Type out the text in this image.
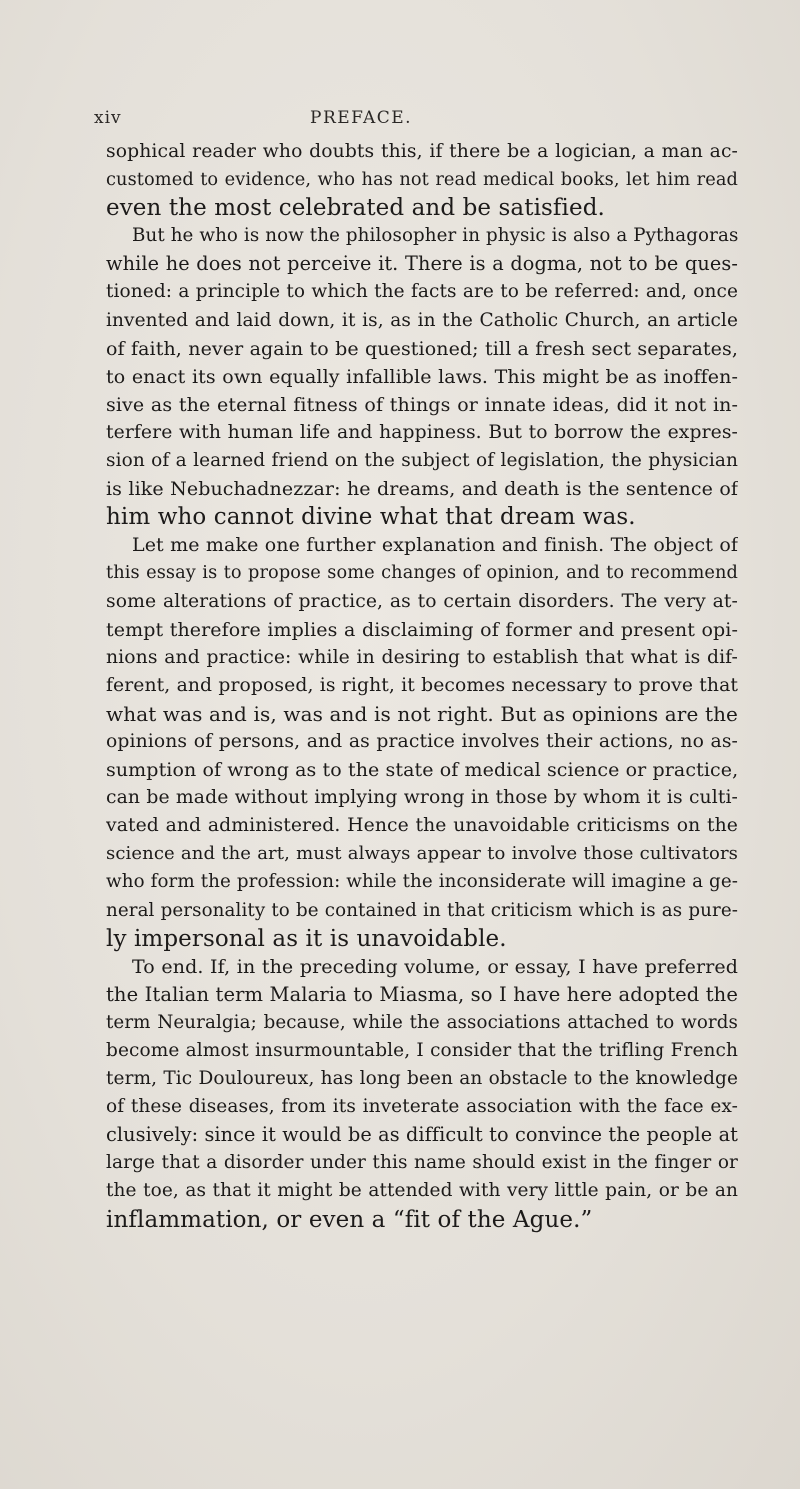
xiv	PREFACE.
sophical reader who doubts this, if there be a logician, a man ac-
customed to evidence, who has not read medical books, let him read
even the most celebrated and be satisfied.
But he who is now the philosopher in physic is also a Pythagoras
while he does not perceive it. There is a dogma, not to be ques-
tioned: a principle to which the facts are to be referred: and, once
invented and laid down, it is, as in the Catholic Church, an article
of faith, never again to be questioned; till a fresh sect separates,
to enact its own equally infallible laws. This might be as inoffen-
sive as the eternal fitness of things or innate ideas, did it not in-
terfere with human life and happiness. But to borrow the expres-
sion of a learned friend on the subject of legislation, the physician
is like Nebuchadnezzar: he dreams, and death is the sentence of
him who cannot divine what that dream was.
Let me make one further explanation and finish. The object of
this essay is to propose some changes of opinion, and to recommend
some alterations of practice, as to certain disorders. The very at-
tempt therefore implies a disclaiming of former and present opi-
nions and practice: while in desiring to establish that what is dif-
ferent, and proposed, is right, it becomes necessary to prove that
what was and is, was and is not right. But as opinions are the
opinions of persons, and as practice involves their actions, no as-
sumption of wrong as to the state of medical science or practice,
can be made without implying wrong in those by whom it is culti-
vated and administered. Hence the unavoidable criticisms on the
science and the art, must always appear to involve those cultivators
who form the profession: while the inconsiderate will imagine a ge-
neral personality to be contained in that criticism which is as pure-
ly impersonal as it is unavoidable.
To end. If, in the preceding volume, or essay, I have preferred
the Italian term Malaria to Miasma, so I have here adopted the
term Neuralgia; because, while the associations attached to words
become almost insurmountable, I consider that the trifling French
term, Tic Douloureux, has long been an obstacle to the knowledge
of these diseases, from its inveterate association with the face ex-
clusively: since it would be as difficult to convince the people at
large that a disorder under this name should exist in the finger or
the toe, as that it might be attended with very little pain, or be an
inflammation, or even a “fit of the Ague.”
